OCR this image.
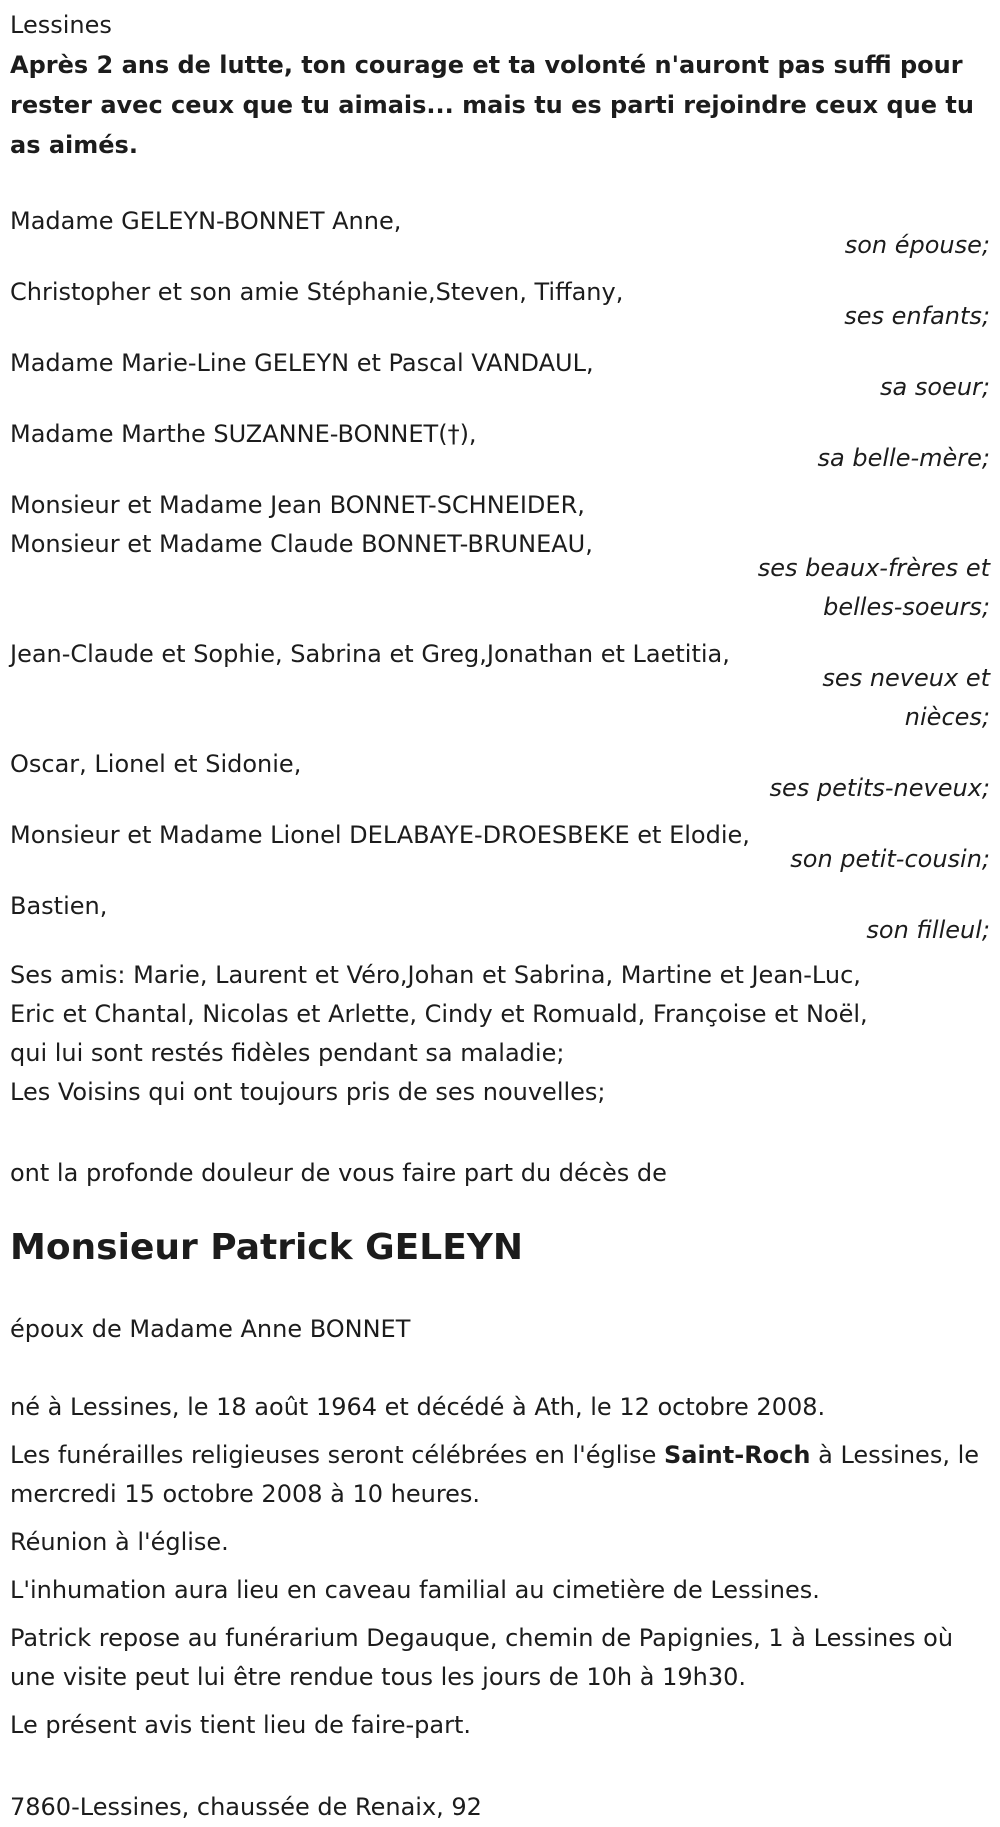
Lessines
Après 2 ans de lutte, ton courage et ta volonté n'auront pas suffi pour rester avec ceux que tu aimais... mais tu es parti rejoindre ceux que tu as aimés.
Madame GELEYN-BONNET Anne,
son épouse;
Christopher et son amie Stéphanie,Steven, Tiffany,
ses enfants;
Madame Marie-Line GELEYN et Pascal VANDAUL,
sa soeur;
Madame Marthe SUZANNE-BONNET(†),
sa belle-mère;
Monsieur et Madame Jean BONNET-SCHNEIDER,
Monsieur et Madame Claude BONNET-BRUNEAU,
ses beaux-frères et belles-soeurs;
Jean-Claude et Sophie, Sabrina et Greg,Jonathan et Laetitia,
ses neveux et nièces;
Oscar, Lionel et Sidonie,
ses petits-neveux;
Monsieur et Madame Lionel DELABAYE-DROESBEKE et Elodie,
son petit-cousin;
Bastien,
son filleul;
Ses amis: Marie, Laurent et Véro,Johan et Sabrina, Martine et Jean-Luc,
Eric et Chantal, Nicolas et Arlette, Cindy et Romuald, Françoise et Noël,
qui lui sont restés fidèles pendant sa maladie;
Les Voisins qui ont toujours pris de ses nouvelles;
ont la profonde douleur de vous faire part du décès de
Monsieur Patrick GELEYN
époux de Madame Anne BONNET

né à Lessines, le 18 août 1964 et décédé à Ath, le 12 octobre 2008.

Les funérailles religieuses seront célébrées en l'église Saint-Roch à Lessines, le mercredi 15 octobre 2008 à 10 heures.

Réunion à l'église.

L'inhumation aura lieu en caveau familial au cimetière de Lessines.

Patrick repose au funérarium Degauque, chemin de Papignies, 1 à Lessines où une visite peut lui être rendue tous les jours de 10h à 19h30.

Le présent avis tient lieu de faire-part.

7860-Lessines, chaussée de Renaix, 92
